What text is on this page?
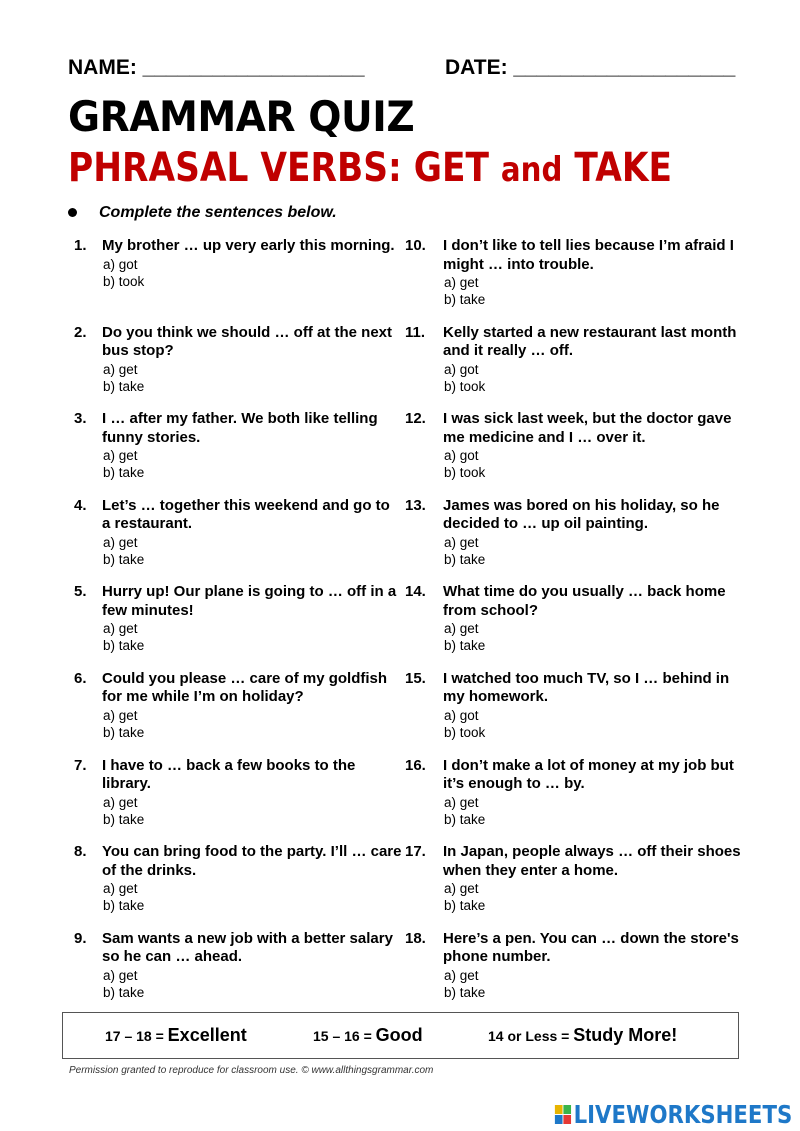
NAME: ___________________	DATE: ___________________
GRAMMAR QUIZ
PHRASAL VERBS: GET and TAKE
Complete the sentences below.
1. My brother … up very early this morning.
a) got
b) took
2. Do you think we should … off at the next bus stop?
a) get
b) take
3. I … after my father. We both like telling funny stories.
a) get
b) take
4. Let’s … together this weekend and go to a restaurant.
a) get
b) take
5. Hurry up! Our plane is going to … off in a few minutes!
a) get
b) take
6. Could you please … care of my goldfish for me while I’m on holiday?
a) get
b) take
7. I have to … back a few books to the library.
a) get
b) take
8. You can bring food to the party. I’ll … care of the drinks.
a) get
b) take
9. Sam wants a new job with a better salary so he can … ahead.
a) get
b) take
10. I don’t like to tell lies because I’m afraid I might … into trouble.
a) get
b) take
11. Kelly started a new restaurant last month and it really … off.
a) got
b) took
12. I was sick last week, but the doctor gave me medicine and I … over it.
a) got
b) took
13. James was bored on his holiday, so he decided to … up oil painting.
a) get
b) take
14. What time do you usually … back home from school?
a) get
b) take
15. I watched too much TV, so I … behind in my homework.
a) got
b) took
16. I don’t make a lot of money at my job but it’s enough to … by.
a) get
b) take
17. In Japan, people always … off their shoes when they enter a home.
a) get
b) take
18. Here’s a pen. You can … down the store's phone number.
a) get
b) take
17 – 18 = Excellent	15 – 16 = Good	14 or Less = Study More!
Permission granted to reproduce for classroom use. © www.allthingsgrammar.com
LIVEWORKSHEETS
